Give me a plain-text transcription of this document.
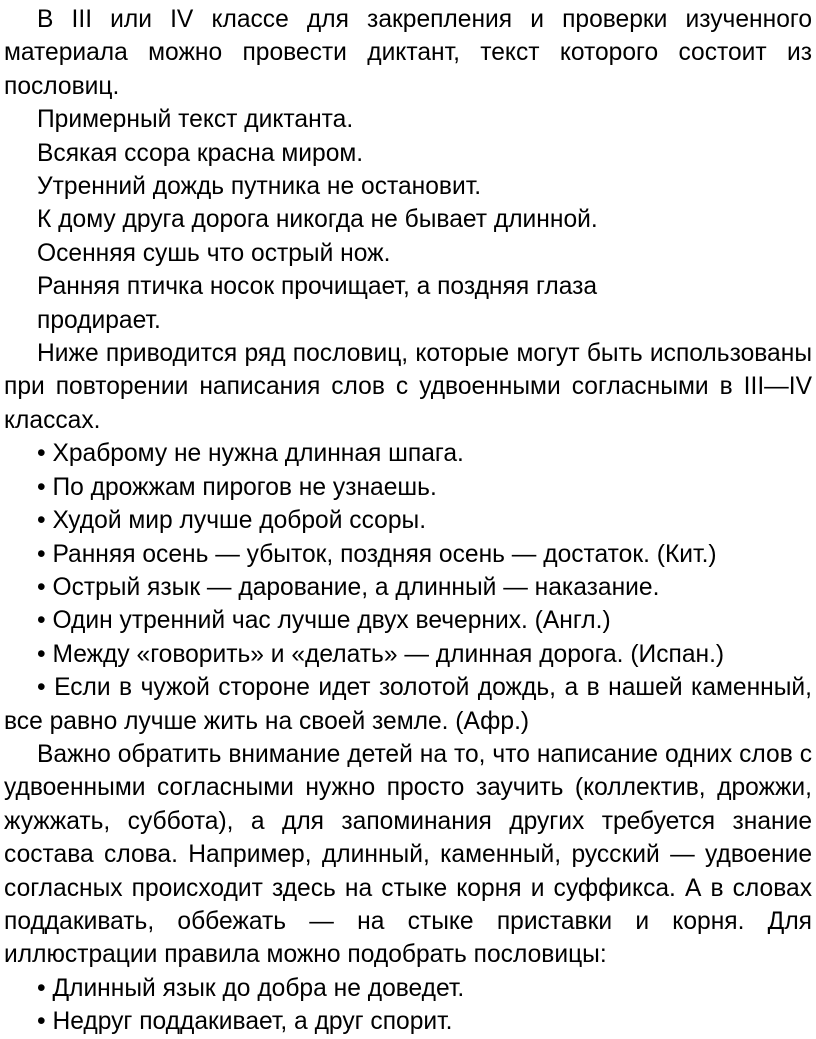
В III или IV классе для закрепления и проверки изученного материала можно провести диктант, текст которого состоит из пословиц.

Примерный текст диктанта.

Всякая ссора красна миром.

Утренний дождь путника не остановит.

К дому друга дорога никогда не бывает длинной.

Осенняя сушь что острый нож.

Ранняя птичка носок прочищает, а поздняя глаза продирает.

Ниже приводится ряд пословиц, которые могут быть использованы при повторении написания слов с удвоенными согласными в III—IV классах.

• Храброму не нужна длинная шпага.

• По дрожжам пирогов не узнаешь.

• Худой мир лучше доброй ссоры.

• Ранняя осень — убыток, поздняя осень — достаток. (Кит.)

• Острый язык — дарование, а длинный — наказание.

• Один утренний час лучше двух вечерних. (Англ.)

• Между «говорить» и «делать» — длинная дорога. (Испан.)

• Если в чужой стороне идет золотой дождь, а в нашей каменный, все равно лучше жить на своей земле. (Афр.)

Важно обратить внимание детей на то, что написание одних слов с удвоенными согласными нужно просто заучить (коллектив, дрожжи, жужжать, суббота), а для запоминания других требуется знание состава слова. Например, длинный, каменный, русский — удвоение согласных происходит здесь на стыке корня и суффикса. А в словах поддакивать, оббежать — на стыке приставки и корня. Для иллюстрации правила можно подобрать пословицы:

• Длинный язык до добра не доведет.

• Недруг поддакивает, а друг спорит.
